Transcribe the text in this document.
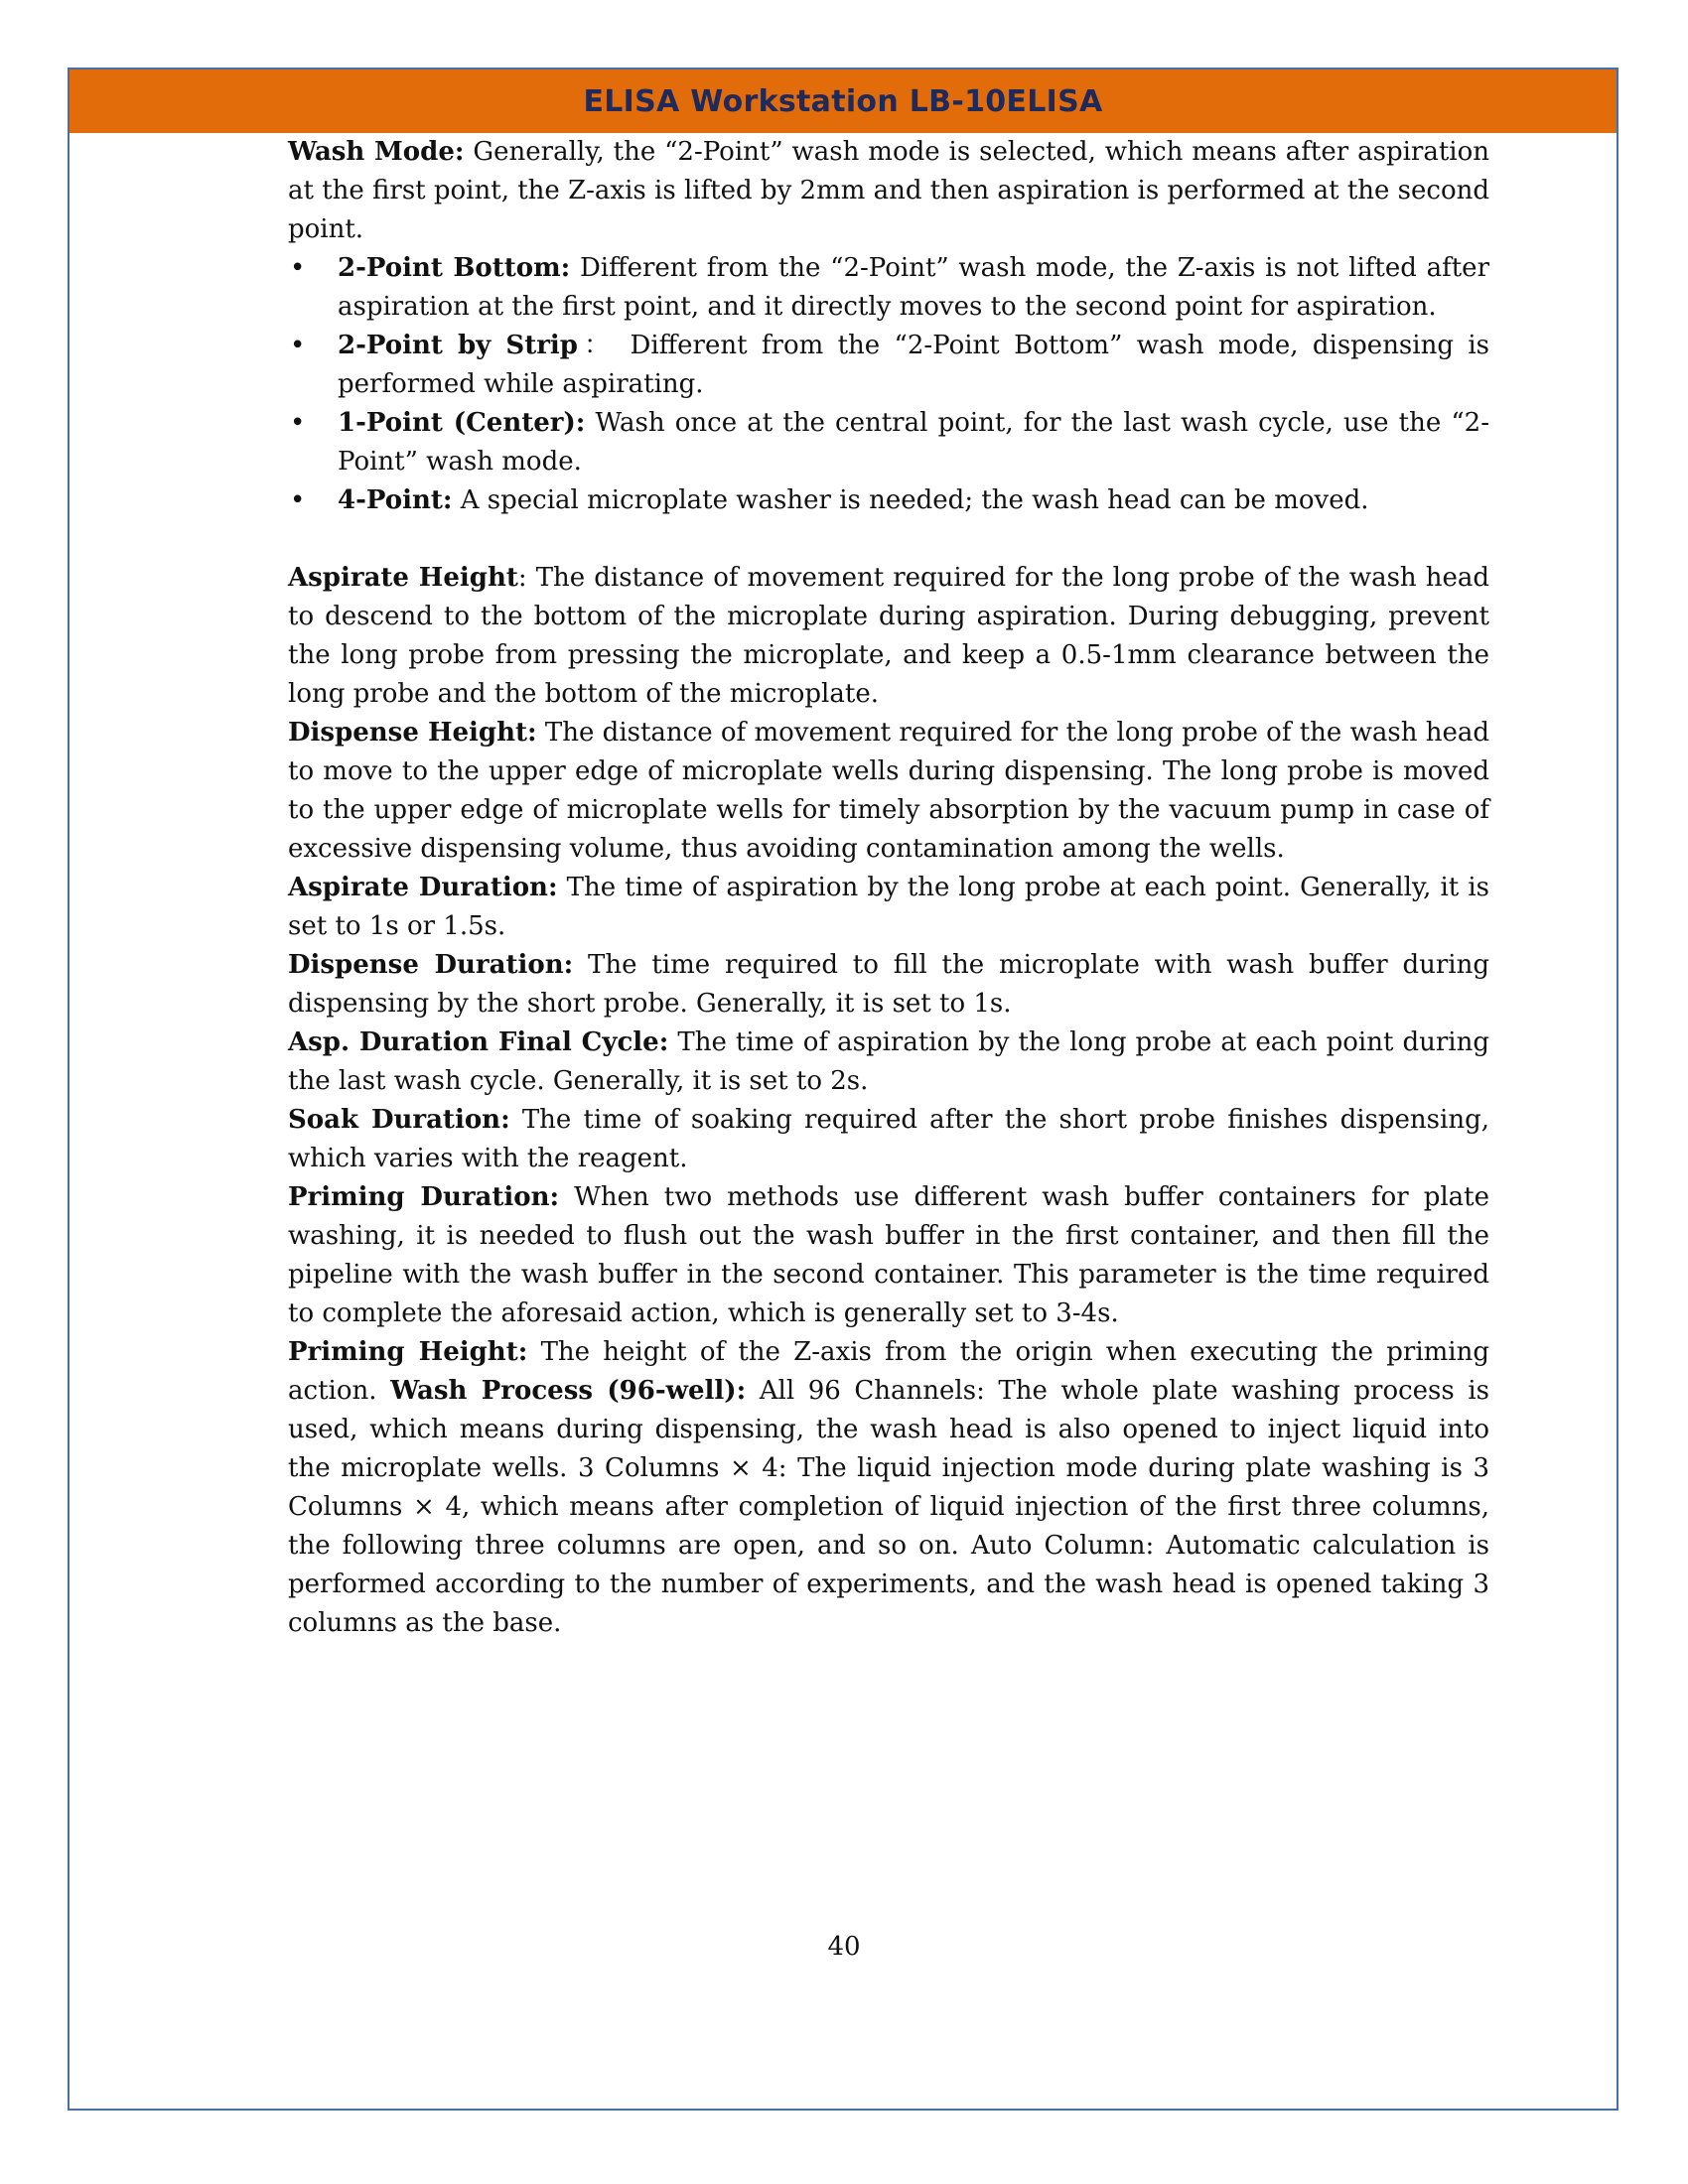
ELISA Workstation LB-10ELISA

Wash Mode: Generally, the “2-Point” wash mode is selected, which means after aspiration at the first point, the Z-axis is lifted by 2mm and then aspiration is performed at the second point.

• 2-Point Bottom: Different from the “2-Point” wash mode, the Z-axis is not lifted after aspiration at the first point, and it directly moves to the second point for aspiration.
• 2-Point by Strip： Different from the “2-Point Bottom” wash mode, dispensing is performed while aspirating.
• 1-Point (Center): Wash once at the central point, for the last wash cycle, use the “2-Point” wash mode.
• 4-Point: A special microplate washer is needed; the wash head can be moved.

Aspirate Height: The distance of movement required for the long probe of the wash head to descend to the bottom of the microplate during aspiration. During debugging, prevent the long probe from pressing the microplate, and keep a 0.5-1mm clearance between the long probe and the bottom of the microplate.

Dispense Height: The distance of movement required for the long probe of the wash head to move to the upper edge of microplate wells during dispensing. The long probe is moved to the upper edge of microplate wells for timely absorption by the vacuum pump in case of excessive dispensing volume, thus avoiding contamination among the wells.

Aspirate Duration: The time of aspiration by the long probe at each point. Generally, it is set to 1s or 1.5s.

Dispense Duration: The time required to fill the microplate with wash buffer during dispensing by the short probe. Generally, it is set to 1s.

Asp. Duration Final Cycle: The time of aspiration by the long probe at each point during the last wash cycle. Generally, it is set to 2s.

Soak Duration: The time of soaking required after the short probe finishes dispensing, which varies with the reagent.

Priming Duration: When two methods use different wash buffer containers for plate washing, it is needed to flush out the wash buffer in the first container, and then fill the pipeline with the wash buffer in the second container. This parameter is the time required to complete the aforesaid action, which is generally set to 3-4s.

Priming Height: The height of the Z-axis from the origin when executing the priming action. Wash Process (96-well): All 96 Channels: The whole plate washing process is used, which means during dispensing, the wash head is also opened to inject liquid into the microplate wells. 3 Columns × 4: The liquid injection mode during plate washing is 3 Columns × 4, which means after completion of liquid injection of the first three columns, the following three columns are open, and so on. Auto Column: Automatic calculation is performed according to the number of experiments, and the wash head is opened taking 3 columns as the base.

40
